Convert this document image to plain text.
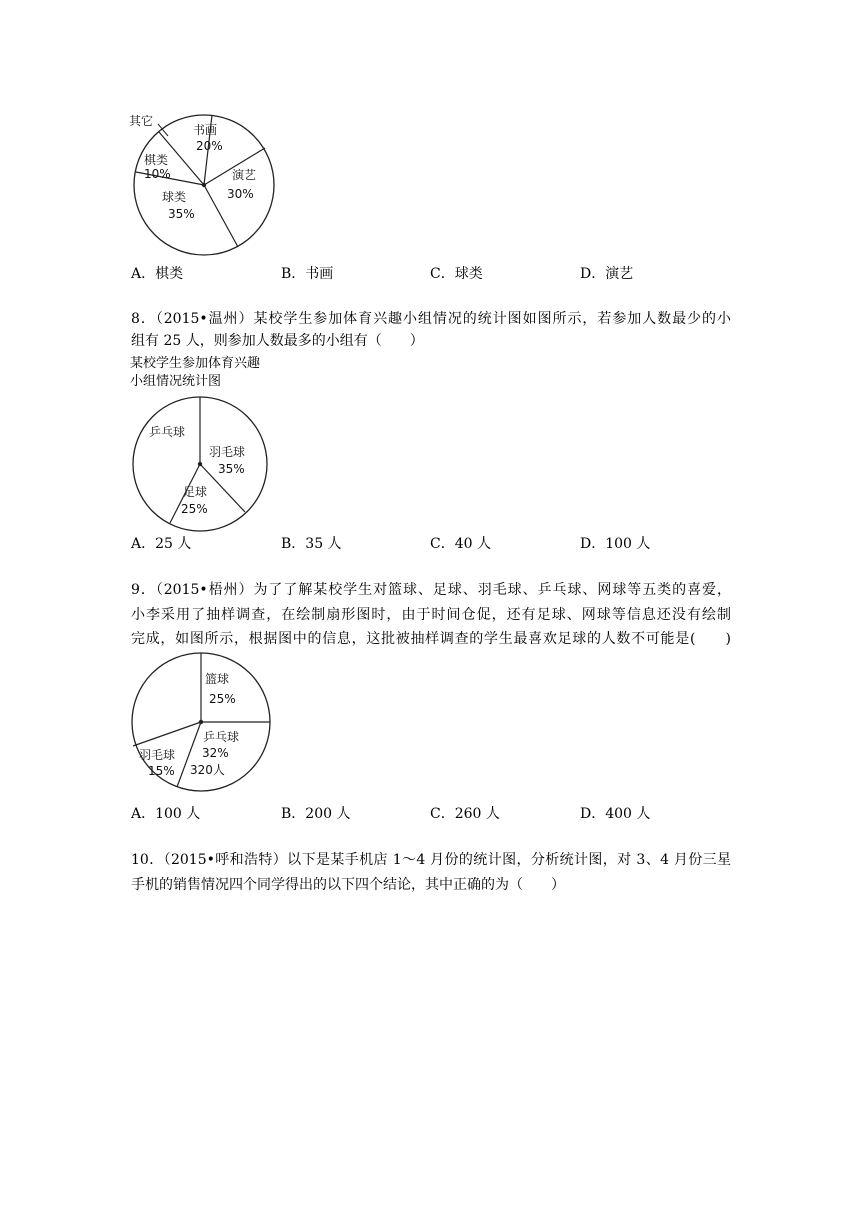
其它
书画
20%
演艺
30%
棋类
10%
球类
35%
A．棋类	B．书画	C．球类	D．演艺
8．（2015•温州）某校学生参加体育兴趣小组情况的统计图如图所示，若参加人数最少的小
组有 25 人，则参加人数最多的小组有（　　）
某校学生参加体育兴趣
小组情况统计图
乒乓球
羽毛球
35%
足球
25%
A．25 人	B．35 人	C．40 人	D．100 人
9．（2015•梧州）为了了解某校学生对篮球、足球、羽毛球、乒乓球、网球等五类的喜爱，
小李采用了抽样调查，在绘制扇形图时，由于时间仓促，还有足球、网球等信息还没有绘制
完成，如图所示，根据图中的信息，这批被抽样调查的学生最喜欢足球的人数不可能是(　　)
篮球
25%
乒乓球
32%
320人
羽毛球
15%
A．100 人	B．200 人	C．260 人	D．400 人
10．（2015•呼和浩特）以下是某手机店 1～4 月份的统计图，分析统计图，对 3、4 月份三星
手机的销售情况四个同学得出的以下四个结论，其中正确的为（　　）
